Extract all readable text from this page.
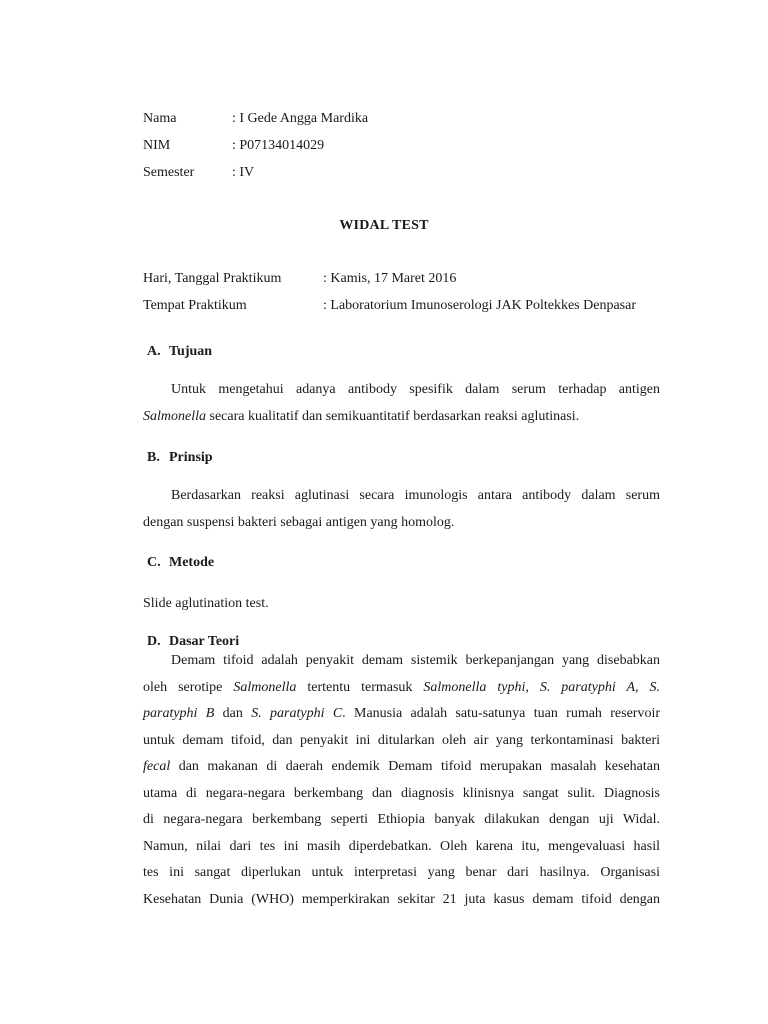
Nama	: I Gede Angga Mardika
NIM	: P07134014029
Semester	: IV
WIDAL TEST
Hari, Tanggal Praktikum	: Kamis, 17 Maret 2016
Tempat Praktikum	: Laboratorium Imunoserologi JAK Poltekkes Denpasar
A. Tujuan
Untuk mengetahui adanya antibody spesifik dalam serum terhadap antigen
Salmonella secara kualitatif dan semikuantitatif berdasarkan reaksi aglutinasi.
B. Prinsip
Berdasarkan reaksi aglutinasi secara imunologis antara antibody dalam serum
dengan suspensi bakteri sebagai antigen yang homolog.
C. Metode
Slide aglutination test.
D. Dasar Teori
Demam tifoid adalah penyakit demam sistemik berkepanjangan yang disebabkan
oleh serotipe Salmonella tertentu termasuk Salmonella typhi, S. paratyphi A, S.
paratyphi B dan S. paratyphi C. Manusia adalah satu-satunya tuan rumah reservoir
untuk demam tifoid, dan penyakit ini ditularkan oleh air yang terkontaminasi bakteri
fecal dan makanan di daerah endemik Demam tifoid merupakan masalah kesehatan
utama di negara-negara berkembang dan diagnosis klinisnya sangat sulit. Diagnosis
di negara-negara berkembang seperti Ethiopia banyak dilakukan dengan uji Widal.
Namun, nilai dari tes ini masih diperdebatkan. Oleh karena itu, mengevaluasi hasil
tes ini sangat diperlukan untuk interpretasi yang benar dari hasilnya. Organisasi
Kesehatan Dunia (WHO) memperkirakan sekitar 21 juta kasus demam tifoid dengan
